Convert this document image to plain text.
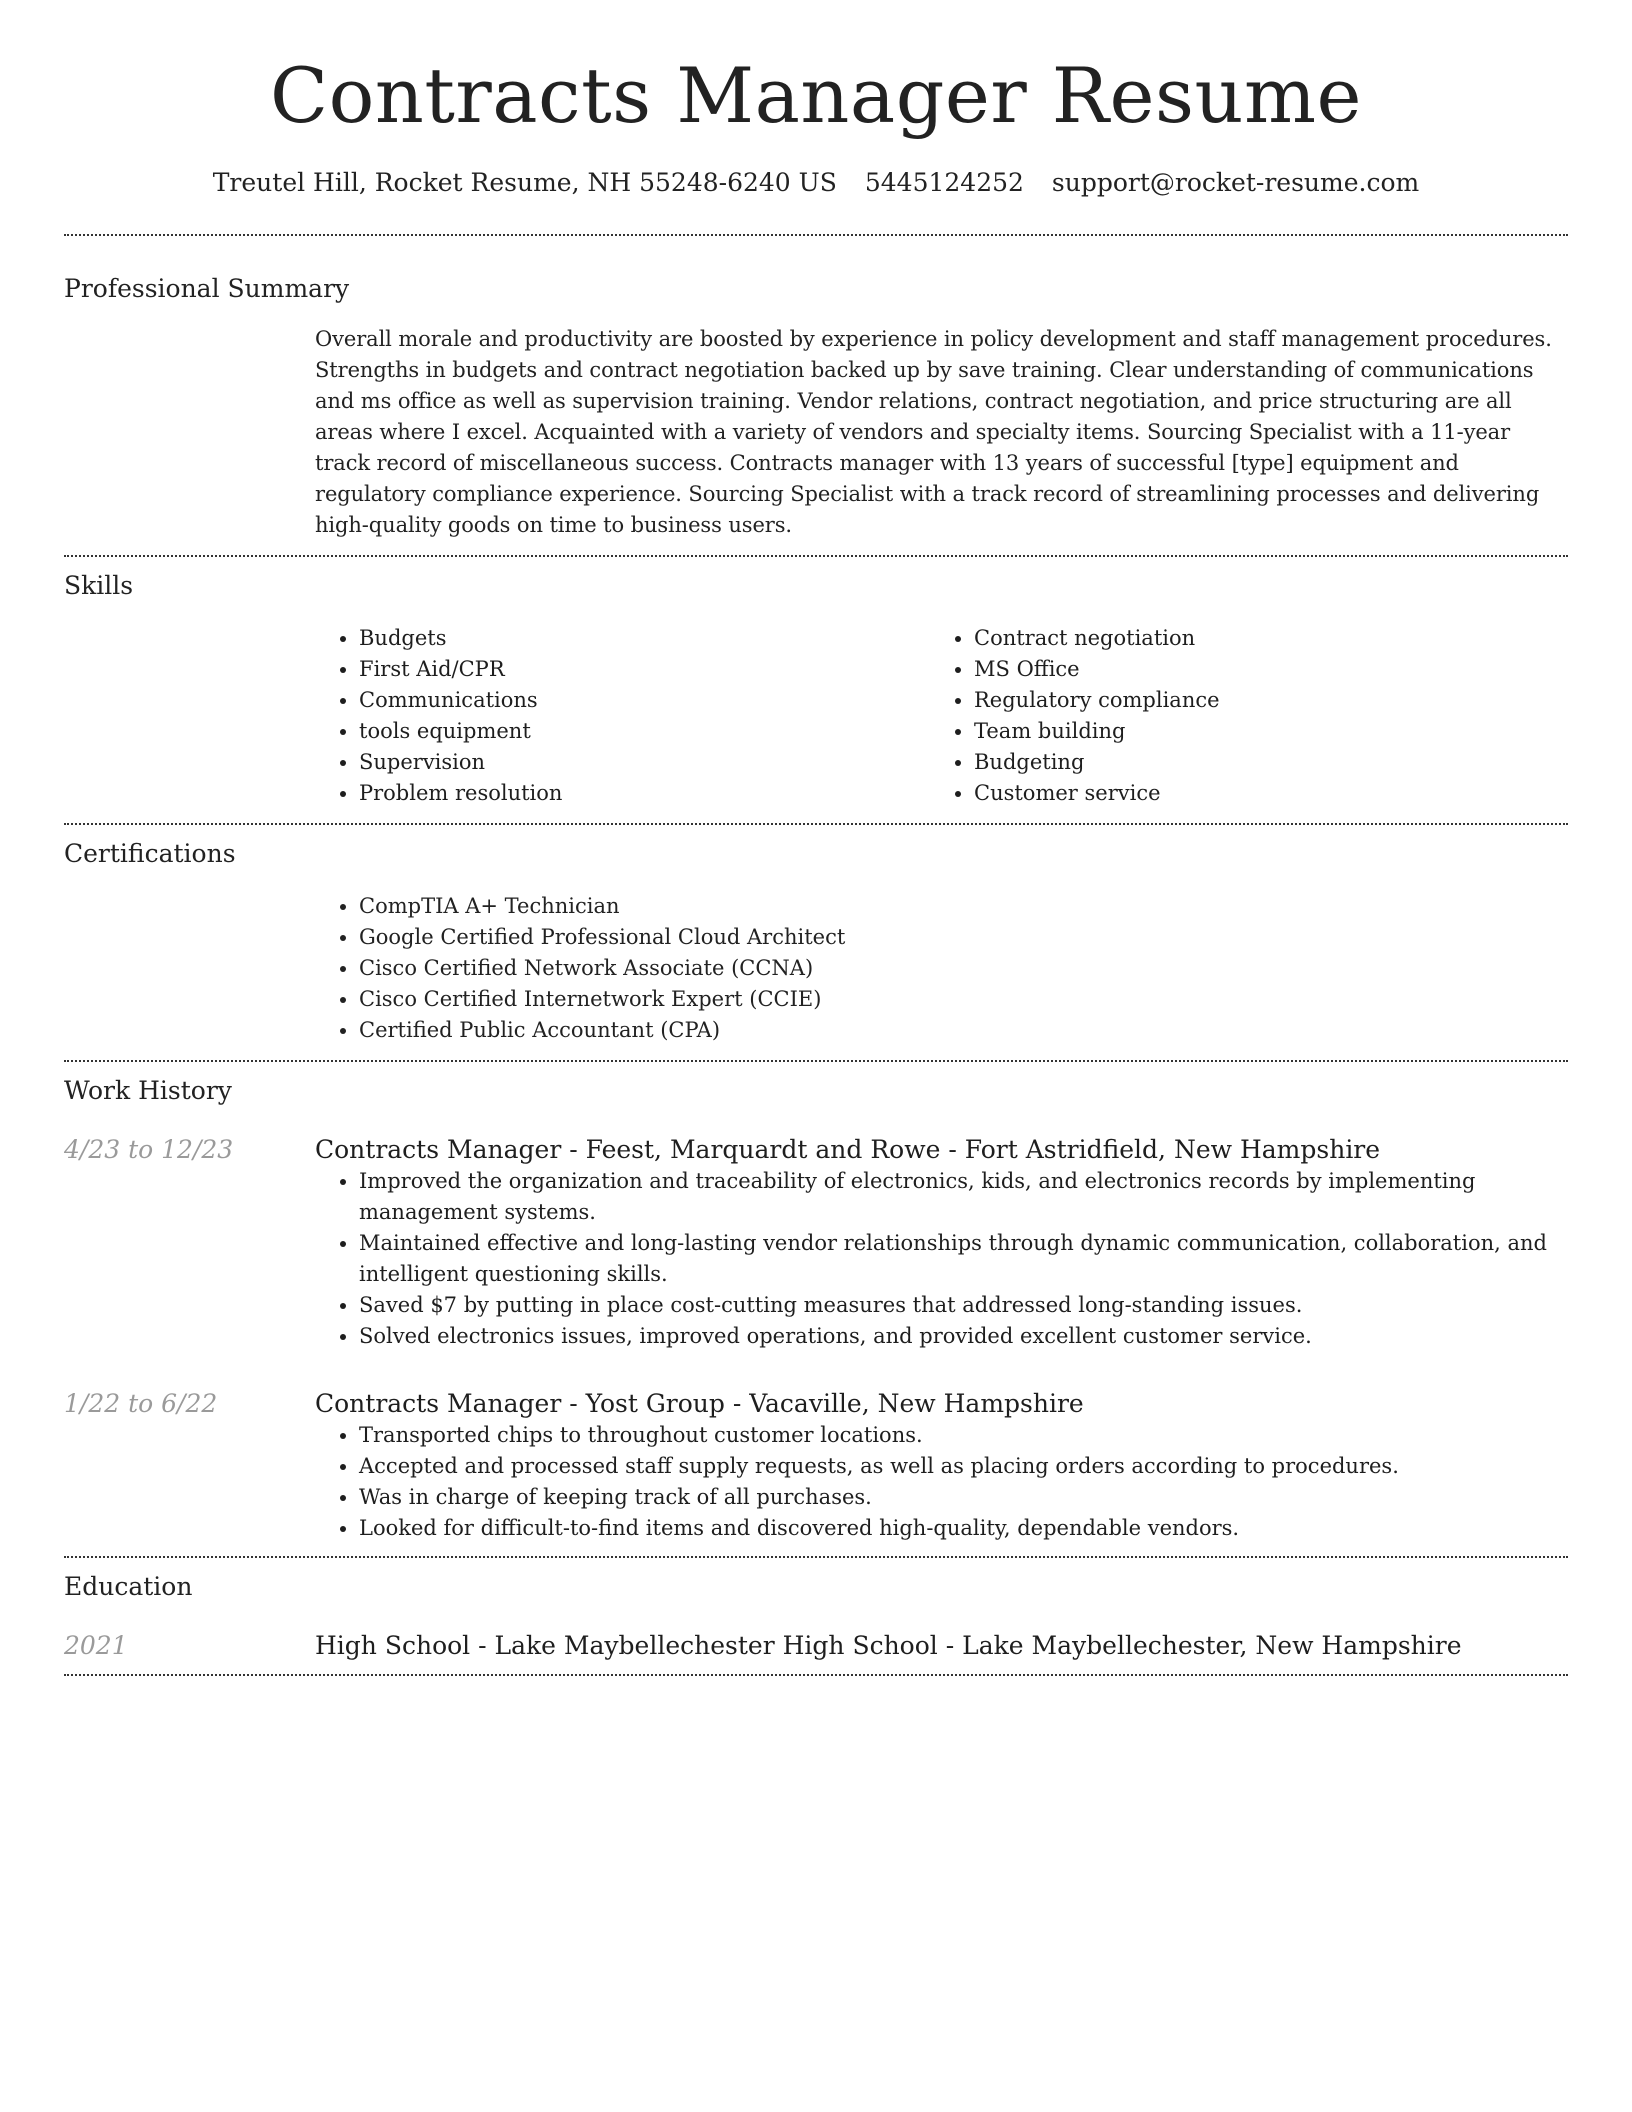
Contracts Manager Resume
Treutel Hill, Rocket Resume, NH 55248-6240 US 5445124252 support@rocket-resume.com
Professional Summary
Overall morale and productivity are boosted by experience in policy development and staff management procedures. Strengths in budgets and contract negotiation backed up by save training. Clear understanding of communications and ms office as well as supervision training. Vendor relations, contract negotiation, and price structuring are all areas where I excel. Acquainted with a variety of vendors and specialty items. Sourcing Specialist with a 11-year track record of miscellaneous success. Contracts manager with 13 years of successful [type] equipment and regulatory compliance experience. Sourcing Specialist with a track record of streamlining processes and delivering high-quality goods on time to business users.
Skills
• Budgets
• First Aid/CPR
• Communications
• tools equipment
• Supervision
• Problem resolution
• Contract negotiation
• MS Office
• Regulatory compliance
• Team building
• Budgeting
• Customer service
Certifications
• CompTIA A+ Technician
• Google Certified Professional Cloud Architect
• Cisco Certified Network Associate (CCNA)
• Cisco Certified Internetwork Expert (CCIE)
• Certified Public Accountant (CPA)
Work History
4/23 to 12/23	Contracts Manager - Feest, Marquardt and Rowe - Fort Astridfield, New Hampshire
• Improved the organization and traceability of electronics, kids, and electronics records by implementing management systems.
• Maintained effective and long-lasting vendor relationships through dynamic communication, collaboration, and intelligent questioning skills.
• Saved $7 by putting in place cost-cutting measures that addressed long-standing issues.
• Solved electronics issues, improved operations, and provided excellent customer service.
1/22 to 6/22	Contracts Manager - Yost Group - Vacaville, New Hampshire
• Transported chips to throughout customer locations.
• Accepted and processed staff supply requests, as well as placing orders according to procedures.
• Was in charge of keeping track of all purchases.
• Looked for difficult-to-find items and discovered high-quality, dependable vendors.
Education
2021	High School - Lake Maybellechester High School - Lake Maybellechester, New Hampshire
